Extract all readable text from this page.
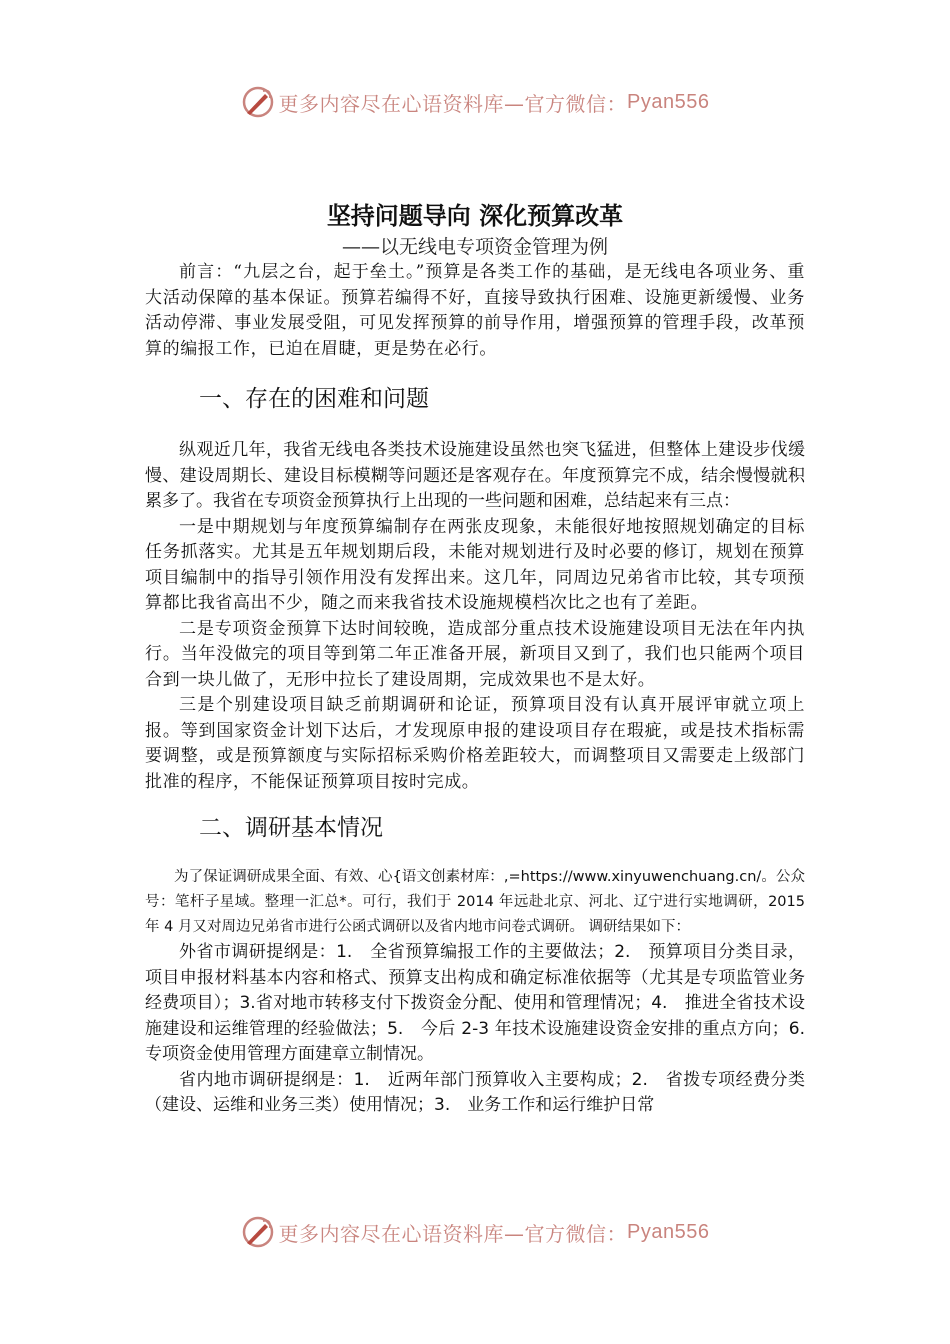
更多内容尽在心语资料库—官方微信： Pyan556
坚持问题导向 深化预算改革
——以无线电专项资金管理为例

前言：“九层之台，起于垒土。”预算是各类工作的基础，是无线电各项业务、重大活动保障的基本保证。预算若编得不好，直接导致执行困难、设施更新缓慢、业务活动停滞、事业发展受阻，可见发挥预算的前导作用，增强预算的管理手段，改革预算的编报工作，已迫在眉睫，更是势在必行。

一、存在的困难和问题

纵观近几年，我省无线电各类技术设施建设虽然也突飞猛进，但整体上建设步伐缓慢、建设周期长、建设目标模糊等问题还是客观存在。年度预算完不成，结余慢慢就积累多了。我省在专项资金预算执行上出现的一些问题和困难，总结起来有三点：

一是中期规划与年度预算编制存在两张皮现象，未能很好地按照规划确定的目标任务抓落实。尤其是五年规划期后段，未能对规划进行及时必要的修订，规划在预算项目编制中的指导引领作用没有发挥出来。这几年，同周边兄弟省市比较，其专项预算都比我省高出不少，随之而来我省技术设施规模档次比之也有了差距。

二是专项资金预算下达时间较晚，造成部分重点技术设施建设项目无法在年内执行。当年没做完的项目等到第二年正准备开展，新项目又到了，我们也只能两个项目合到一块儿做了，无形中拉长了建设周期，完成效果也不是太好。

三是个别建设项目缺乏前期调研和论证，预算项目没有认真开展评审就立项上报。等到国家资金计划下达后，才发现原申报的建设项目存在瑕疵，或是技术指标需要调整，或是预算额度与实际招标采购价格差距较大，而调整项目又需要走上级部门批准的程序，不能保证预算项目按时完成。

二、调研基本情况

为了保证调研成果全面、有效、心{语文创素材库：,=https://www.xinyuwenchuang.cn/。公众号：笔杆子星域。整理一汇总*。可行，我们于 2014 年远赴北京、河北、辽宁进行实地调研，2015 年 4 月又对周边兄弟省市进行公函式调研以及省内地市问卷式调研。 调研结果如下：

外省市调研提纲是：1.　全省预算编报工作的主要做法；2.　预算项目分类目录，项目申报材料基本内容和格式、预算支出构成和确定标准依据等（尤其是专项监管业务经费项目）；3.省对地市转移支付下拨资金分配、使用和管理情况；4.　推进全省技术设施建设和运维管理的经验做法；5.　今后 2-3 年技术设施建设资金安排的重点方向；6.　专项资金使用管理方面建章立制情况。

省内地市调研提纲是：1.　近两年部门预算收入主要构成；2.　省拨专项经费分类（建设、运维和业务三类）使用情况；3.　业务工作和运行维护日常

更多内容尽在心语资料库—官方微信： Pyan556
